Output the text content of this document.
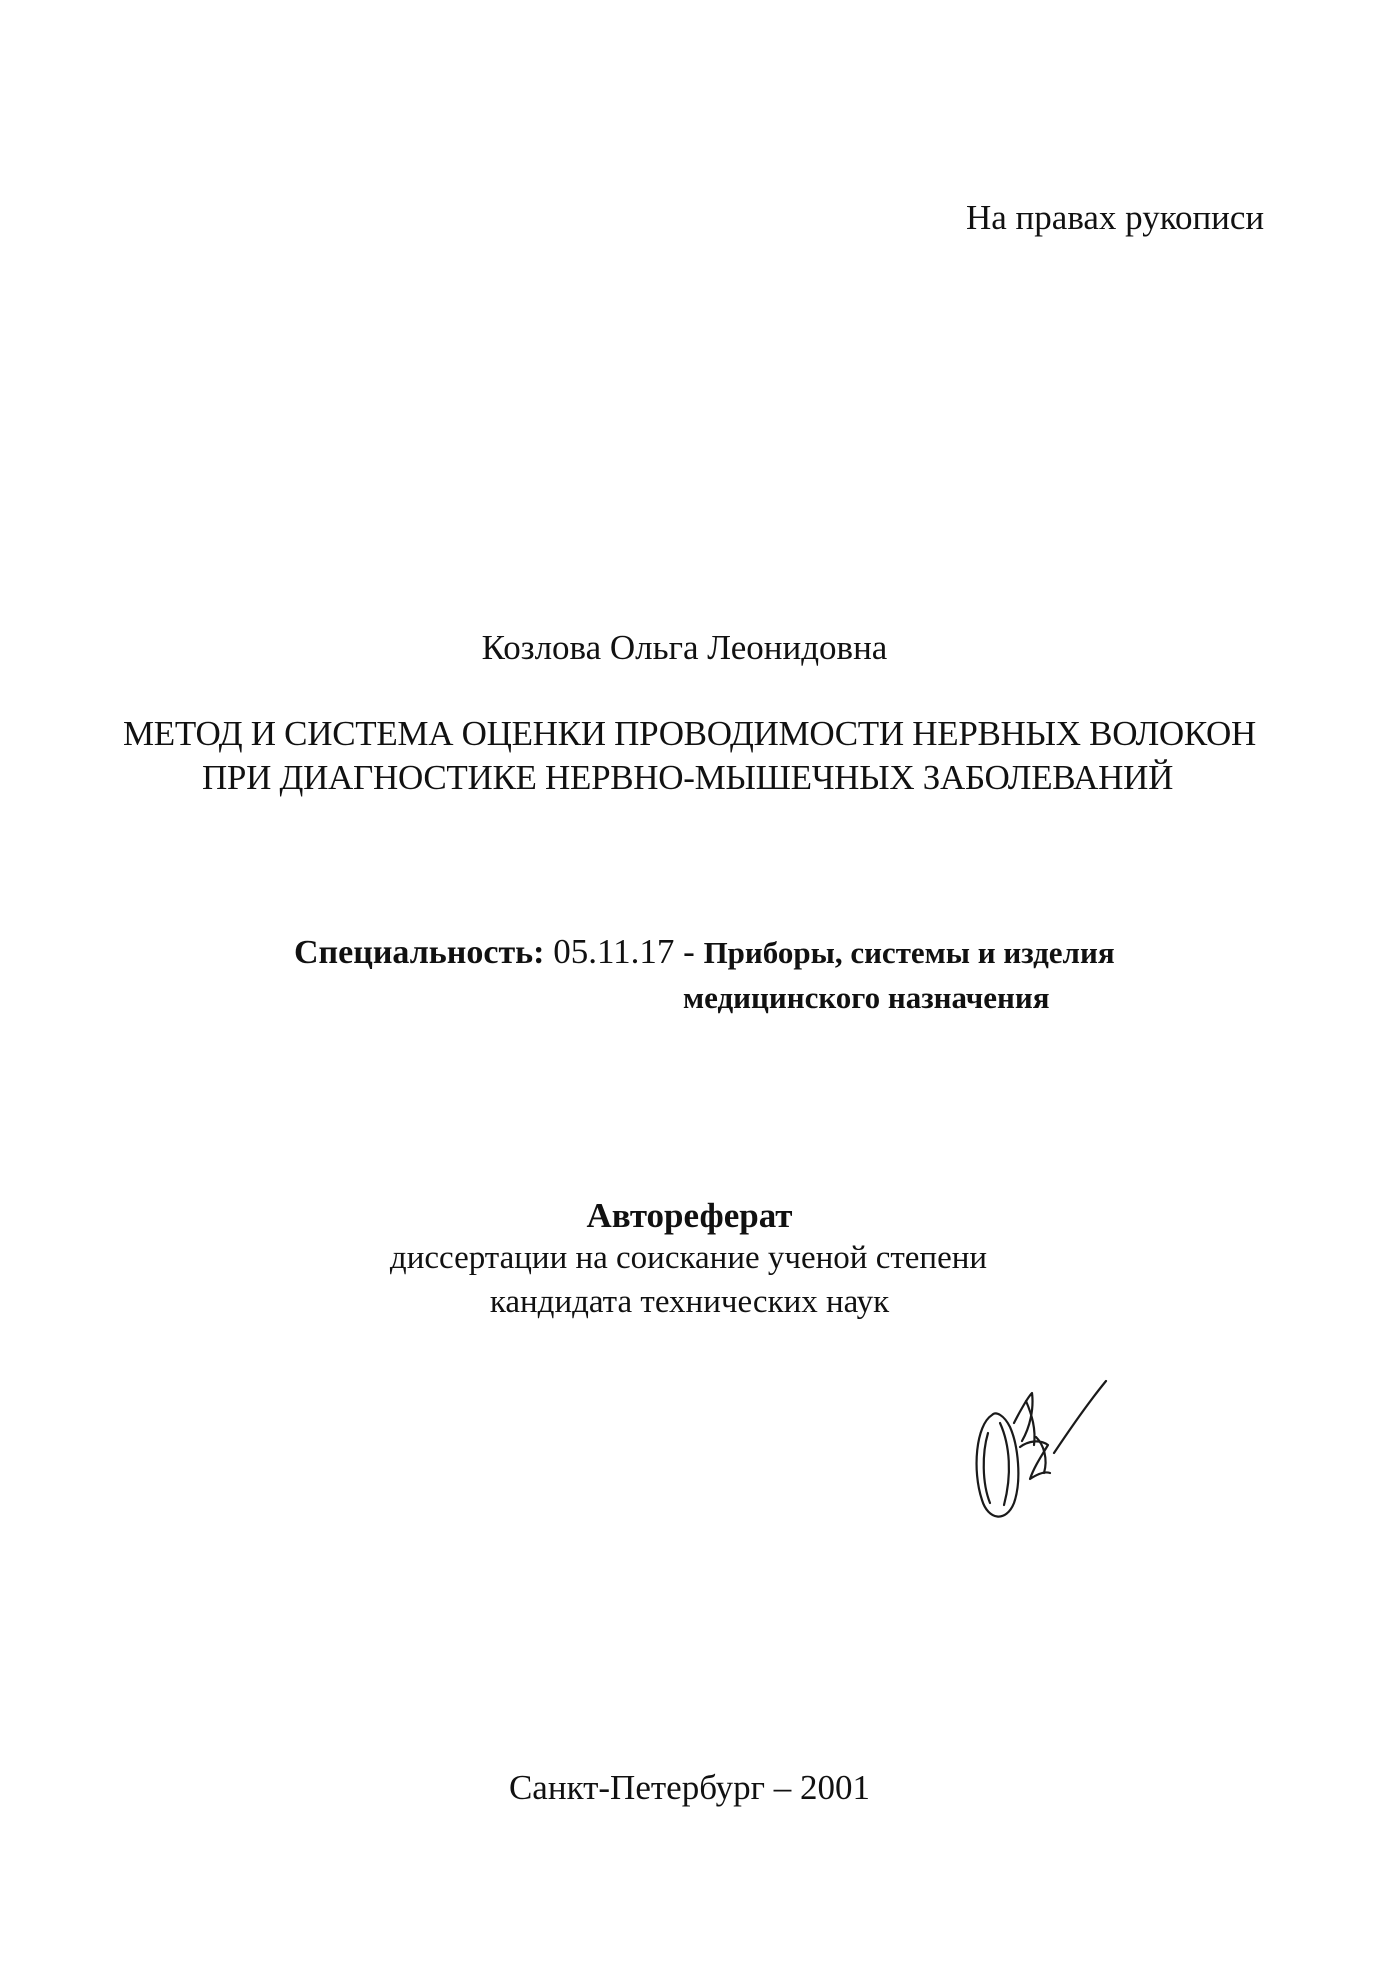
На правах рукописи
Козлова Ольга Леонидовна
МЕТОД И СИСТЕМА ОЦЕНКИ ПРОВОДИМОСТИ НЕРВНЫХ ВОЛОКОН
ПРИ ДИАГНОСТИКЕ НЕРВНО-МЫШЕЧНЫХ ЗАБОЛЕВАНИЙ
Специальность: 05.11.17 - Приборы, системы и изделия
медицинского назначения
Автореферат
диссертации на соискание ученой степени
кандидата технических наук
Санкт-Петербург – 2001
